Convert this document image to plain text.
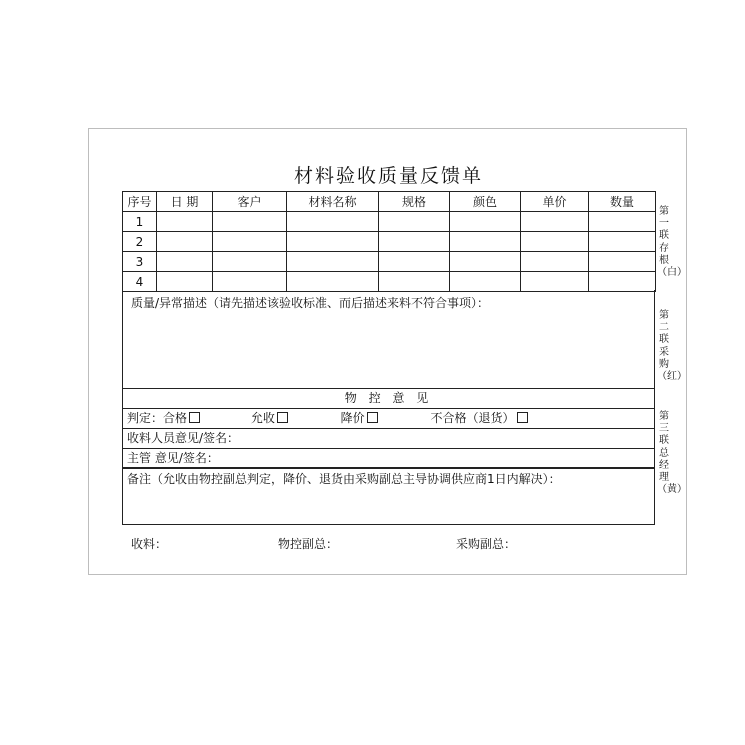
材料验收质量反馈单
序号	日 期	客户	材料名称	规格	颜色	单价	数量
1							
2							
3							
4							
质量/异常描述（请先描述该验收标准、而后描述来料不符合事项）：
物 控 意 见
判定：合格	允收	降价	不合格（退货）
收料人员意见/签名：
主管 意见/签名：
备注（允收由物控副总判定，降价、退货由采购副总主导协调供应商1日内解决）：
第一联存根（白）
第二联采购（红）
第三联总经理（黄）
收料：	物控副总：	采购副总：
